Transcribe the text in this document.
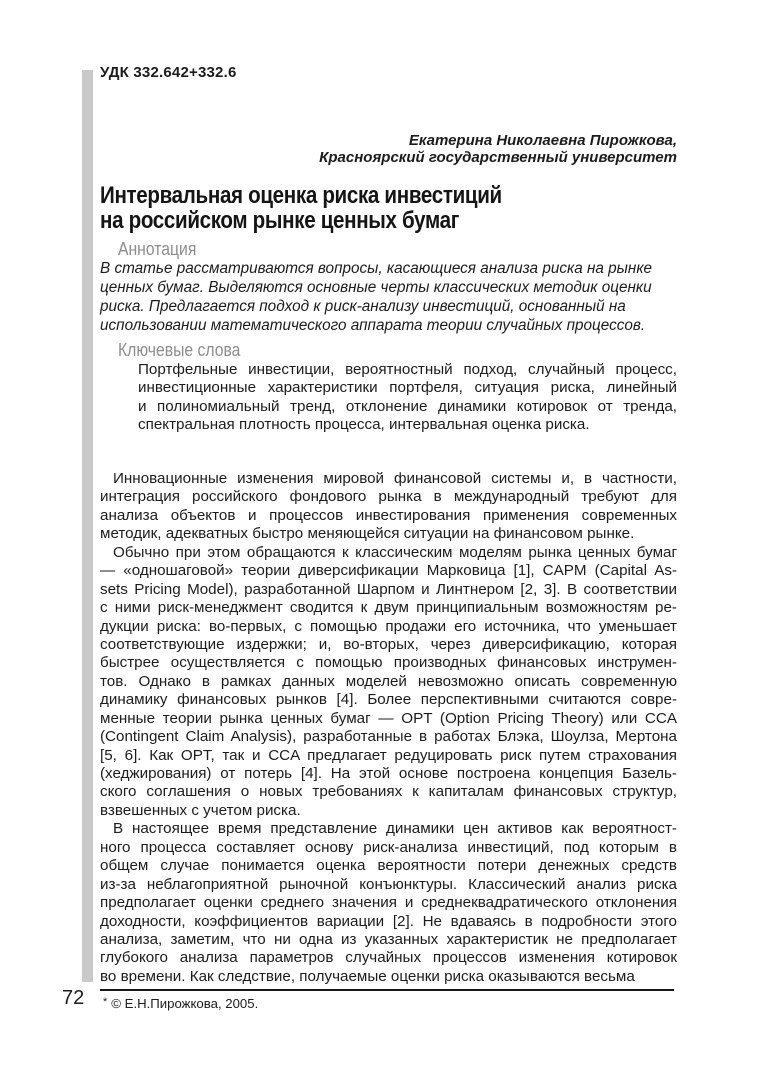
УДК 332.642+332.6
Екатерина Николаевна Пирожкова,
Красноярский государственный университет
Интервальная оценка риска инвестиций
на российском рынке ценных бумаг
Аннотация
В статье рассматриваются вопросы, касающиеся анализа риска на рынке
ценных бумаг. Выделяются основные черты классических методик оценки
риска. Предлагается подход к риск-анализу инвестиций, основанный на
использовании математического аппарата теории случайных процессов.
Ключевые слова
Портфельные инвестиции, вероятностный подход, случайный процесс,
инвестиционные характеристики портфеля, ситуация риска, линейный
и полиномиальный тренд, отклонение динамики котировок от тренда,
спектральная плотность процесса, интервальная оценка риска.
Инновационные изменения мировой финансовой системы и, в частности,
интеграция российского фондового рынка в международный требуют для
анализа объектов и процессов инвестирования применения современных
методик, адекватных быстро меняющейся ситуации на финансовом рынке.
Обычно при этом обращаются к классическим моделям рынка ценных бумаг
— «одношаговой» теории диверсификации Марковица [1], CAPM (Capital As-
sets Pricing Model), разработанной Шарпом и Линтнером [2, 3]. В соответствии
с ними риск-менеджмент сводится к двум принципиальным возможностям ре-
дукции риска: во-первых, с помощью продажи его источника, что уменьшает
соответствующие издержки; и, во-вторых, через диверсификацию, которая
быстрее осуществляется с помощью производных финансовых инструмен-
тов. Однако в рамках данных моделей невозможно описать современную
динамику финансовых рынков [4]. Более перспективными считаются совре-
менные теории рынка ценных бумаг — OPT (Option Pricing Theory) или CCA
(Contingent Claim Analysis), разработанные в работах Блэка, Шоулза, Мертона
[5, 6]. Как OPT, так и CCA предлагает редуцировать риск путем страхования
(хеджирования) от потерь [4]. На этой основе построена концепция Базель-
ского соглашения о новых требованиях к капиталам финансовых структур,
взвешенных с учетом риска.
В настоящее время представление динамики цен активов как вероятност-
ного процесса составляет основу риск-анализа инвестиций, под которым в
общем случае понимается оценка вероятности потери денежных средств
из-за неблагоприятной рыночной конъюнктуры. Классический анализ риска
предполагает оценки среднего значения и среднеквадратического отклонения
доходности, коэффициентов вариации [2]. Не вдаваясь в подробности этого
анализа, заметим, что ни одна из указанных характеристик не предполагает
глубокого анализа параметров случайных процессов изменения котировок
во времени. Как следствие, получаемые оценки риска оказываются весьма
72 * © Е.Н.Пирожкова, 2005.
